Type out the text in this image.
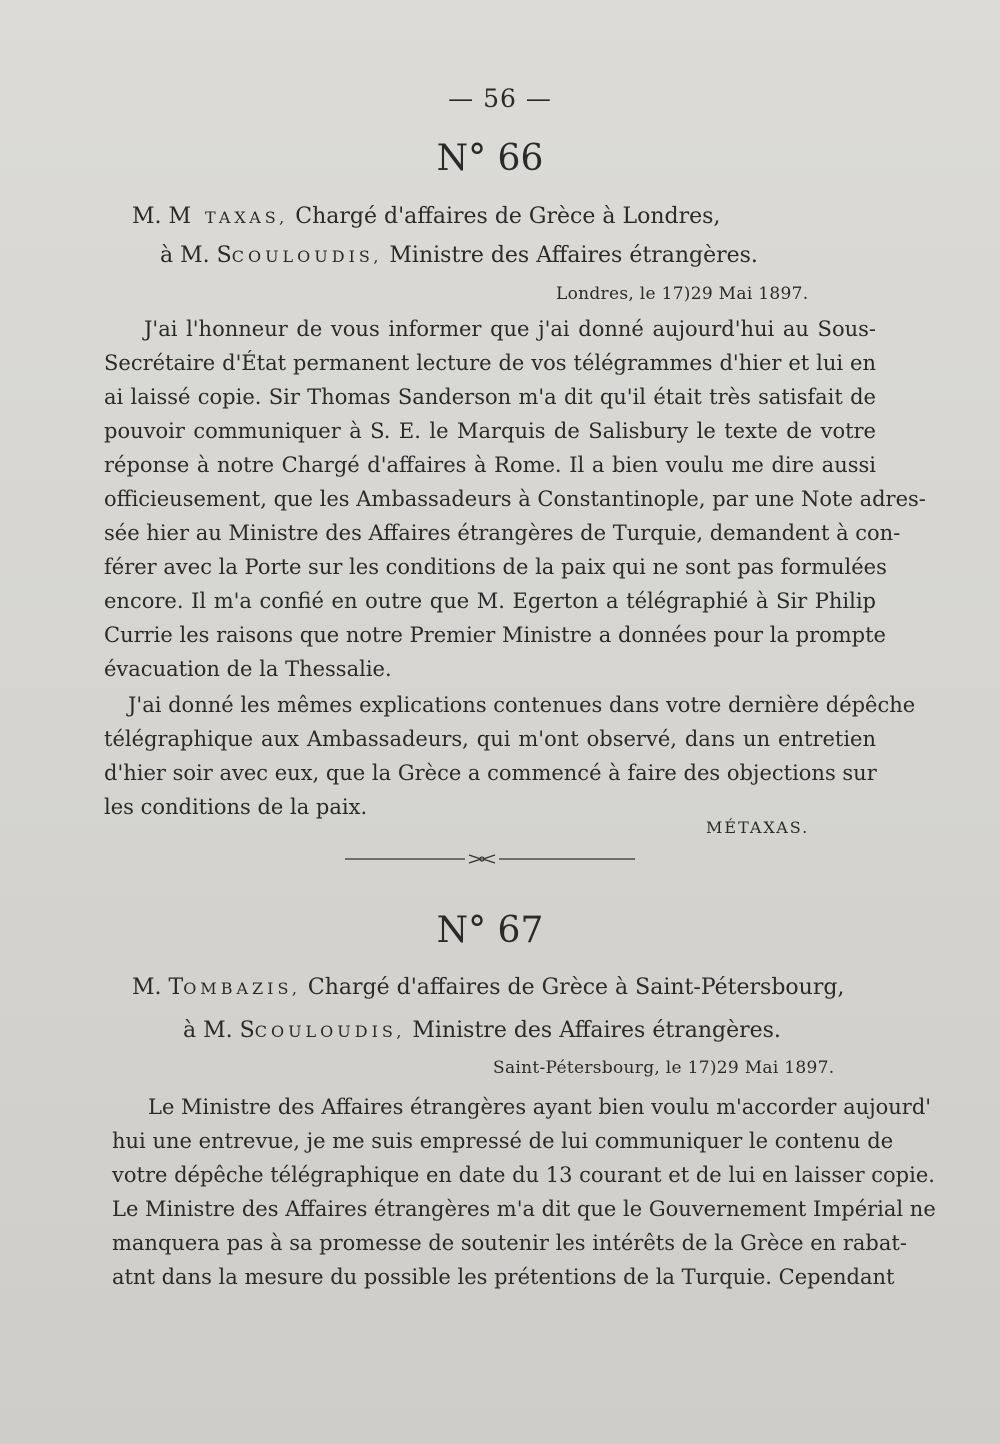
— 56 —
N° 66
M. M TAXAS, Chargé d'affaires de Grèce à Londres,
à M. SCOULOUDIS, Ministre des Affaires étrangères.
Londres, le 17)29 Mai 1897.
J'ai l'honneur de vous informer que j'ai donné aujourd'hui au Sous-
Secrétaire d'État permanent lecture de vos télégrammes d'hier et lui en
ai laissé copie. Sir Thomas Sanderson m'a dit qu'il était très satisfait de
pouvoir communiquer à S. E. le Marquis de Salisbury le texte de votre
réponse à notre Chargé d'affaires à Rome. Il a bien voulu me dire aussi
officieusement, que les Ambassadeurs à Constantinople, par une Note adres-
sée hier au Ministre des Affaires étrangères de Turquie, demandent à con-
férer avec la Porte sur les conditions de la paix qui ne sont pas formulées
encore. Il m'a confié en outre que M. Egerton a télégraphié à Sir Philip
Currie les raisons que notre Premier Ministre a données pour la prompte
évacuation de la Thessalie.
J'ai donné les mêmes explications contenues dans votre dernière dépêche
télégraphique aux Ambassadeurs, qui m'ont observé, dans un entretien
d'hier soir avec eux, que la Grèce a commencé à faire des objections sur
les conditions de la paix.
MÉTAXAS.
N° 67
M. TOMBAZIS, Chargé d'affaires de Grèce à Saint-Pétersbourg,
à M. SCOULOUDIS, Ministre des Affaires étrangères.
Saint-Pétersbourg, le 17)29 Mai 1897.
Le Ministre des Affaires étrangères ayant bien voulu m'accorder aujourd'
hui une entrevue, je me suis empressé de lui communiquer le contenu de
votre dépêche télégraphique en date du 13 courant et de lui en laisser copie.
Le Ministre des Affaires étrangères m'a dit que le Gouvernement Impérial ne
manquera pas à sa promesse de soutenir les intérêts de la Grèce en rabat-
atnt dans la mesure du possible les prétentions de la Turquie. Cependant
